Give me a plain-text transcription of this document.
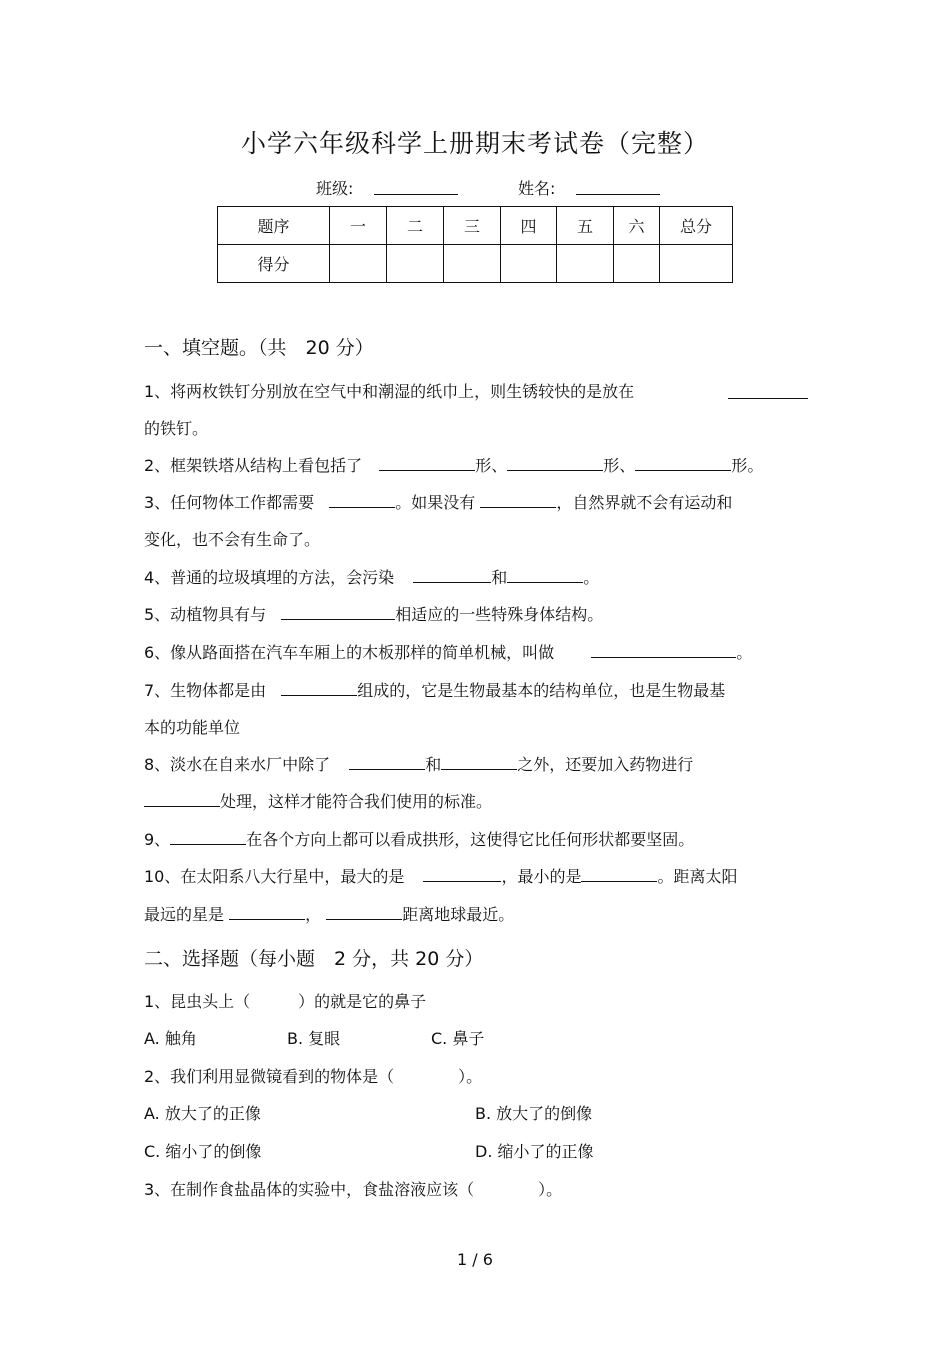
小学六年级科学上册期末考试卷（完整）
班级:	姓名:
题序	一	二	三	四	五	六	总分
得分							
一、填空题。（共　20 分）
1、将两枚铁钉分别放在空气中和潮湿的纸巾上，则生锈较快的是放在
的铁钉。
2、框架铁塔从结构上看包括了	形、	形、	形。
3、任何物体工作都需要	。如果没有	，自然界就不会有运动和
变化，也不会有生命了。
4、普通的垃圾填埋的方法，会污染	和	。
5、动植物具有与	相适应的一些特殊身体结构。
6、像从路面搭在汽车车厢上的木板那样的简单机械，叫做	。
7、生物体都是由	组成的，它是生物最基本的结构单位，也是生物最基
本的功能单位
8、淡水在自来水厂中除了	和	之外，还要加入药物进行
处理，这样才能符合我们使用的标准。
9、	在各个方向上都可以看成拱形，这使得它比任何形状都要坚固。
10、在太阳系八大行星中，最大的是	，最小的是	。距离太阳
最远的星是	，	距离地球最近。
二、选择题（每小题　2 分，共 20 分）
1、昆虫头上（　　　）的就是它的鼻子
A. 触角	B. 复眼	C. 鼻子
2、我们利用显微镜看到的物体是（　　　　）。
A. 放大了的正像	B. 放大了的倒像
C. 缩小了的倒像	D. 缩小了的正像
3、在制作食盐晶体的实验中，食盐溶液应该（　　　　）。
1 / 6
